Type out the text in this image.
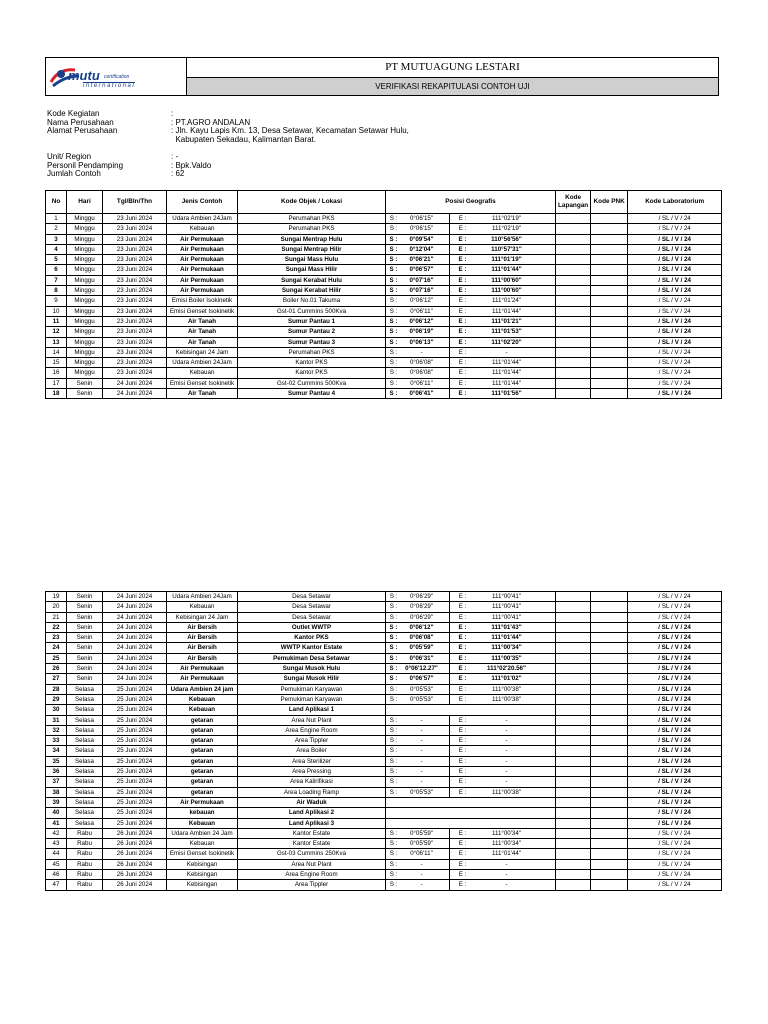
mutu certification
international
PT MUTUAGUNG LESTARI
VERIFIKASI REKAPITULASI CONTOH UJI
Kode Kegiatan	:
Nama Perusahaan	: PT.AGRO ANDALAN
Alamat Perusahaan	: Jln. Kayu Lapis Km. 13, Desa Setawar, Kecamatan Setawar Hulu,
Kabupaten Sekadau, Kalimantan Barat.
Unit/ Region	: -
Personil Pendamping	: Bpk.Valdo
Jumlah Contoh	: 62
No	Hari	Tgl/Bln/Thn	Jenis Contoh	Kode Objek / Lokasi	Posisi Geografis		Kode Lapangan	Kode PNK	Kode Laboratorium
1	Minggu	23 Juni 2024	Udara Ambien 24Jam	Perumahan PKS	S : 0°06'15"	E : 111°02'19"			/ SL / V / 24
2	Minggu	23 Juni 2024	Kebauan	Perumahan PKS	S : 0°06'15"	E : 111°02'19"			/ SL / V / 24
3	Minggu	23 Juni 2024	Air Permukaan	Sungai Mentrap Hulu	S : 0°09'54"	E : 110°56'56"			/ SL / V / 24
4	Minggu	23 Juni 2024	Air Permukaan	Sungai Mentrap Hilir	S : 0°12'04"	E : 110°57'31"			/ SL / V / 24
5	Minggu	23 Juni 2024	Air Permukaan	Sungai Mass Hulu	S : 0°06'21"	E : 111°01'19"			/ SL / V / 24
6	Minggu	23 Juni 2024	Air Permukaan	Sungai Mass Hilir	S : 0°06'57"	E : 111°01'44"			/ SL / V / 24
7	Minggu	23 Juni 2024	Air Permukaan	Sungai Kerabat Hulu	S : 0°07'16"	E : 111°00'60"			/ SL / V / 24
8	Minggu	23 Juni 2024	Air Permukaan	Sungai Kerabat Hilir	S : 0°07'16"	E : 111°00'60"			/ SL / V / 24
9	Minggu	23 Juni 2024	Emisi Boiler Isokinetik	Boiler No.01 Takuma	S : 0°06'12"	E : 111°01'24"			/ SL / V / 24
10	Minggu	23 Juni 2024	Emisi Genset Isokinetik	Gst-01 Cummins 500Kva	S : 0°06'11"	E : 111°01'44"			/ SL / V / 24
11	Minggu	23 Juni 2024	Air Tanah	Sumur Pantau 1	S : 0°06'12"	E : 111°01'21"			/ SL / V / 24
12	Minggu	23 Juni 2024	Air Tanah	Sumur Pantau 2	S : 0°06'19"	E : 111°01'53"			/ SL / V / 24
13	Minggu	23 Juni 2024	Air Tanah	Sumur Pantau 3	S : 0°06'13"	E : 111°02'20"			/ SL / V / 24
14	Minggu	23 Juni 2024	Kebisingan 24 Jam	Perumahan PKS	S : -	E : -			/ SL / V / 24
15	Minggu	23 Juni 2024	Udara Ambien 24Jam	Kantor PKS	S : 0°06'08"	E : 111°01'44"			/ SL / V / 24
16	Minggu	23 Juni 2024	Kebauan	Kantor PKS	S : 0°06'08"	E : 111°01'44"			/ SL / V / 24
17	Senin	24 Juni 2024	Emisi Genset Isokinetik	Gst-02 Cummins 500Kva	S : 0°06'11"	E : 111°01'44"			/ SL / V / 24
18	Senin	24 Juni 2024	Air Tanah	Sumur Pantau 4	S : 0°06'41"	E : 111°01'56"			/ SL / V / 24
19	Senin	24 Juni 2024	Udara Ambien 24Jam	Desa Setawar	S : 0°06'29"	E : 111°00'41"			/ SL / V / 24
20	Senin	24 Juni 2024	Kebauan	Desa Setawar	S : 0°06'29"	E : 111°00'41"			/ SL / V / 24
21	Senin	24 Juni 2024	Kebisingan 24 Jam	Desa Setawar	S : 0°06'29"	E : 111°00'41"			/ SL / V / 24
22	Senin	24 Juni 2024	Air Bersih	Outlet WWTP	S : 0°06'12"	E : 111°01'43"			/ SL / V / 24
23	Senin	24 Juni 2024	Air Bersih	Kantor PKS	S : 0°06'08"	E : 111°01'44"			/ SL / V / 24
24	Senin	24 Juni 2024	Air Bersih	WWTP Kantor Estate	S : 0°05'59"	E : 111°00'34"			/ SL / V / 24
25	Senin	24 Juni 2024	Air Bersih	Pemukiman Desa Setawar	S : 0°06'31"	E : 111°00'35"			/ SL / V / 24
26	Senin	24 Juni 2024	Air Permukaan	Sungai Musok Hulu	S : 0°06'12.27"	E : 111°02'20.56"			/ SL / V / 24
27	Senin	24 Juni 2024	Air Permukaan	Sungai Musok Hilir	S : 0°06'57"	E : 111°01'02"			/ SL / V / 24
28	Selasa	25 Juni 2024	Udara Ambien 24 jam	Pemukiman Karyawan	S : 0°05'53"	E : 111°00'38"			/ SL / V / 24
29	Selasa	25 Juni 2024	Kebauan	Pemukiman Karyawan	S : 0°05'53"	E : 111°00'38"			/ SL / V / 24
30	Selasa	25 Juni 2024	Kebauan	Land Aplikasi 1					/ SL / V / 24
31	Selasa	25 Juni 2024	getaran	Area Nut Plant	S : -	E : -			/ SL / V / 24
32	Selasa	25 Juni 2024	getaran	Area Engine Room	S : -	E : -			/ SL / V / 24
33	Selasa	25 Juni 2024	getaran	Area Tippler	S : -	E : -			/ SL / V / 24
34	Selasa	25 Juni 2024	getaran	Area Boiler	S : -	E : -			/ SL / V / 24
35	Selasa	25 Juni 2024	getaran	Area Sterilizer	S : -	E : -			/ SL / V / 24
36	Selasa	25 Juni 2024	getaran	Area Pressing	S : -	E : -			/ SL / V / 24
37	Selasa	25 Juni 2024	getaran	Area Kalirifikasi	S : -	E : -			/ SL / V / 24
38	Selasa	25 Juni 2024	getaran	Area Loading Ramp	S : 0°05'53"	E : 111°00'38"			/ SL / V / 24
39	Selasa	25 Juni 2024	Air Permukaan	Air Waduk					/ SL / V / 24
40	Selasa	25 Juni 2024	kebauan	Land Aplikasi 2					/ SL / V / 24
41	Selasa	25 Juni 2024	Kebauan	Land Aplikasi 3					/ SL / V / 24
42	Rabu	26 Juni 2024	Udara Ambien 24 Jam	Kantor Estate	S : 0°05'59"	E : 111°00'34"			/ SL / V / 24
43	Rabu	26 Juni 2024	Kebauan	Kantor Estate	S : 0°05'59"	E : 111°00'34"			/ SL / V / 24
44	Rabu	26 Juni 2024	Emisi Genset Isokinetik	Gst-03 Cummins 250Kva	S : 0°06'11"	E : 111°01'44"			/ SL / V / 24
45	Rabu	26 Juni 2024	Kebisingan	Area Nut Plant	S : -	E : -			/ SL / V / 24
46	Rabu	26 Juni 2024	Kebisingan	Area Engine Room	S : -	E : -			/ SL / V / 24
47	Rabu	26 Juni 2024	Kebisingan	Area Tippler	S : -	E : -			/ SL / V / 24
